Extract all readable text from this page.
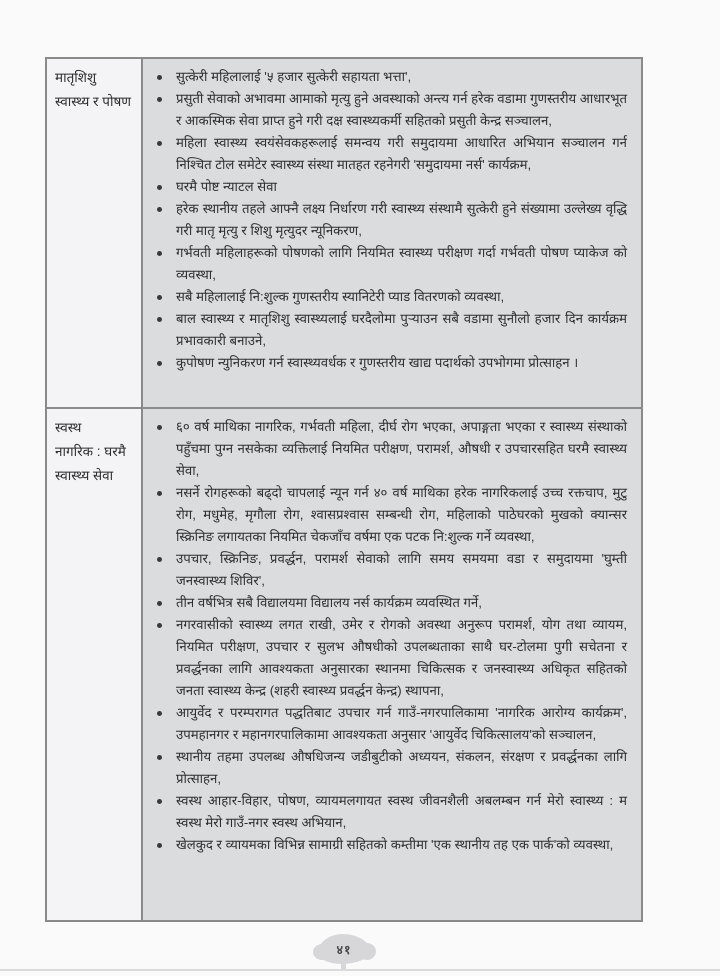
मातृशिशु
स्वास्थ्य र पोषण
सुत्केरी महिलालाई '५ हजार सुत्केरी सहायता भत्ता',
प्रसुती सेवाको अभावमा आमाको मृत्यु हुने अवस्थाको अन्त्य गर्न हरेक वडामा गुणस्तरीय आधारभूत र आकस्मिक सेवा प्राप्त हुने गरी दक्ष स्वास्थ्यकर्मी सहितको प्रसुती केन्द्र सञ्चालन,
महिला स्वास्थ्य स्वयंसेवकहरूलाई समन्वय गरी समुदायमा आधारित अभियान सञ्चालन गर्न निश्चित टोल समेटेर स्वास्थ्य संस्था मातहत रहनेगरी 'समुदायमा नर्स' कार्यक्रम,
घरमै पोष्ट न्याटल सेवा
हरेक स्थानीय तहले आफ्नै लक्ष्य निर्धारण गरी स्वास्थ्य संस्थामै सुत्केरी हुने संख्यामा उल्लेख्य वृद्धि गरी मातृ मृत्यु र शिशु मृत्युदर न्यूनिकरण,
गर्भवती महिलाहरूको पोषणको लागि नियमित स्वास्थ्य परीक्षण गर्दा गर्भवती पोषण प्याकेज को व्यवस्था,
सबै महिलालाई नि:शुल्क गुणस्तरीय स्यानिटेरी प्याड वितरणको व्यवस्था,
बाल स्वास्थ्य र मातृशिशु स्वास्थ्यलाई घरदैलोमा पुऱ्याउन सबै वडामा सुनौलो हजार दिन कार्यक्रम प्रभावकारी बनाउने,
कुपोषण न्युनिकरण गर्न स्वास्थ्यवर्धक र गुणस्तरीय खाद्य पदार्थको उपभोगमा प्रोत्साहन ।
स्वस्थ
नागरिक : घरमै
स्वास्थ्य सेवा
६० वर्ष माथिका नागरिक, गर्भवती महिला, दीर्घ रोग भएका, अपाङ्गता भएका र स्वास्थ्य संस्थाको पहुँचमा पुग्न नसकेका व्यक्तिलाई नियमित परीक्षण, परामर्श, औषधी र उपचारसहित घरमै स्वास्थ्य सेवा,
नसर्ने रोगहरूको बढ्दो चापलाई न्यून गर्न ४० वर्ष माथिका हरेक नागरिकलाई उच्च रक्तचाप, मुटु रोग, मधुमेह, मृगौला रोग, श्वासप्रश्वास सम्बन्धी रोग, महिलाको पाठेघरको मुखको क्यान्सर स्क्रिनिङ लगायतका नियमित चेकजाँच वर्षमा एक पटक नि:शुल्क गर्ने व्यवस्था,
उपचार, स्क्रिनिङ, प्रवर्द्धन, परामर्श सेवाको लागि समय समयमा वडा र समुदायमा 'घुम्ती जनस्वास्थ्य शिविर',
तीन वर्षभित्र सबै विद्यालयमा विद्यालय नर्स कार्यक्रम व्यवस्थित गर्ने,
नगरवासीको स्वास्थ्य लगत राखी, उमेर र रोगको अवस्था अनुरूप परामर्श, योग तथा व्यायम, नियमित परीक्षण, उपचार र सुलभ औषधीको उपलब्धताका साथै घर-टोलमा पुगी सचेतना र प्रवर्द्धनका लागि आवश्यकता अनुसारका स्थानमा चिकित्सक र जनस्वास्थ्य अधिकृत सहितको जनता स्वास्थ्य केन्द्र (शहरी स्वास्थ्य प्रवर्द्धन केन्द्र) स्थापना,
आयुर्वेद र परम्परागत पद्धतिबाट उपचार गर्न गाउँ-नगरपालिकामा 'नागरिक आरोग्य कार्यक्रम', उपमहानगर र महानगरपालिकामा आवश्यकता अनुसार 'आयुर्वेद चिकित्सालय'को सञ्चालन,
स्थानीय तहमा उपलब्ध औषधिजन्य जडीबुटीको अध्ययन, संकलन, संरक्षण र प्रवर्द्धनका लागि प्रोत्साहन,
स्वस्थ आहार-विहार, पोषण, व्यायमलगायत स्वस्थ जीवनशैली अबलम्बन गर्न मेरो स्वास्थ्य : म स्वस्थ मेरो गाउँ-नगर स्वस्थ अभियान,
खेलकुद र व्यायमका विभिन्न सामाग्री सहितको कम्तीमा 'एक स्थानीय तह एक पार्क'को व्यवस्था,
४१
